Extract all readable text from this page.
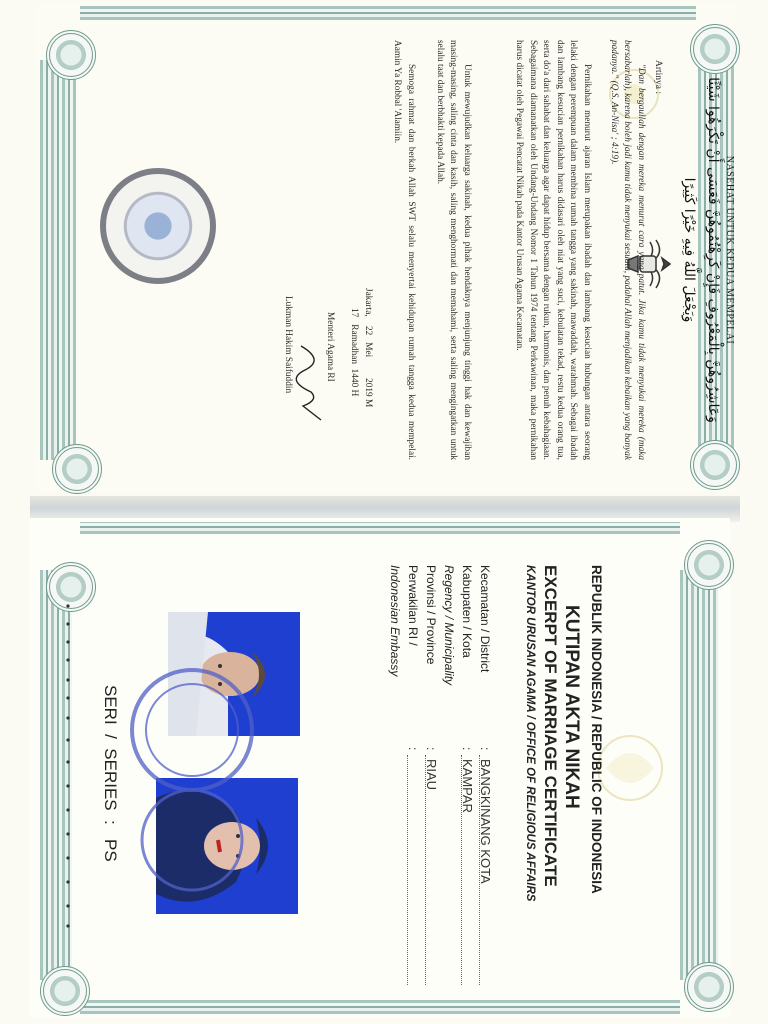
NASEHAT UNTUK KEDUA MEMPELAI
وَعَاشِرُوهُنَّ بِالْمَعْرُوفِ فَإِنْ كَرِهْتُمُوهُنَّ فَعَسَى أَنْ تَكْرَهُوا شَيْئًا
وَيَجْعَلَ اللَّهُ فِيهِ خَيْرًا كَثِيرًا
Artinya :
"Dan bergaullah dengan mereka menurut cara yang patut. Jika kamu tidak menyukai mereka (maka bersabarlah), karena boleh jadi kamu tidak menyukai sesuatu, padahal Allah menjadikan kebaikan yang banyak padanya." (Q.S. An-Nisa' ; 4:19).
Pernikahan menurut ajaran Islam merupakan ibadah dan lambang kesucian hubungan antara seorang lelaki dengan perempuan dalam membina rumah tangga yang sakinah, mawaddah, warahmah. Sebagai ibadah dan lambang kesucian pernikahan harus didasari oleh niat yang suci, kebulatan tekad, restu kedua orang tua, serta do'a dari sahabat dan keluarga agar dapat hidup bersama dengan rukun, harmonis, dan penuh kebahagiaan. Sebagaimana diamanatkan oleh Undang-Undang Nomor 1 Tahun 1974 tentang Perkawinan, maka pernikahan harus dicatat oleh Pegawai Pencatat Nikah pada Kantor Urusan Agama Kecamatan.
Untuk mewujudkan keluarga sakinah, kedua pihak hendaknya menjunjung tinggi hak dan kewajiban masing-masing, saling cinta dan kasih, saling menghormati dan memahami, serta saling mengingatkan untuk selalu taat dan berbhakti kepada Allah.
Semoga rahmat dan berkah Allah SWT selalu menyertai kehidupan rumah tangga kedua mempelai. Aamin Ya Robbal 'Alamiin.
Jakarta,    22   Mei         2019 M
17   Ramadhan  1440 H
Menteri Agama RI
Lukman Hakim Saifuddin
REPUBLIK INDONESIA / REPUBLIC OF INDONESIA
KUTIPAN AKTA NIKAH
EXCERPT OF MARRIAGE CERTIFICATE
KANTOR URUSAN AGAMA / OFFICE OF RELIGIOUS AFFAIRS
Kecamatan / District
:
BANGKINANG KOTA
Kabupaten / Kota
:
KAMPAR
Regency / Municipality
Provinsi / Province
:
RIAU
Perwakilan RI /
:
Indonesian Embassy
SERI  /  SERIES  :   PS
